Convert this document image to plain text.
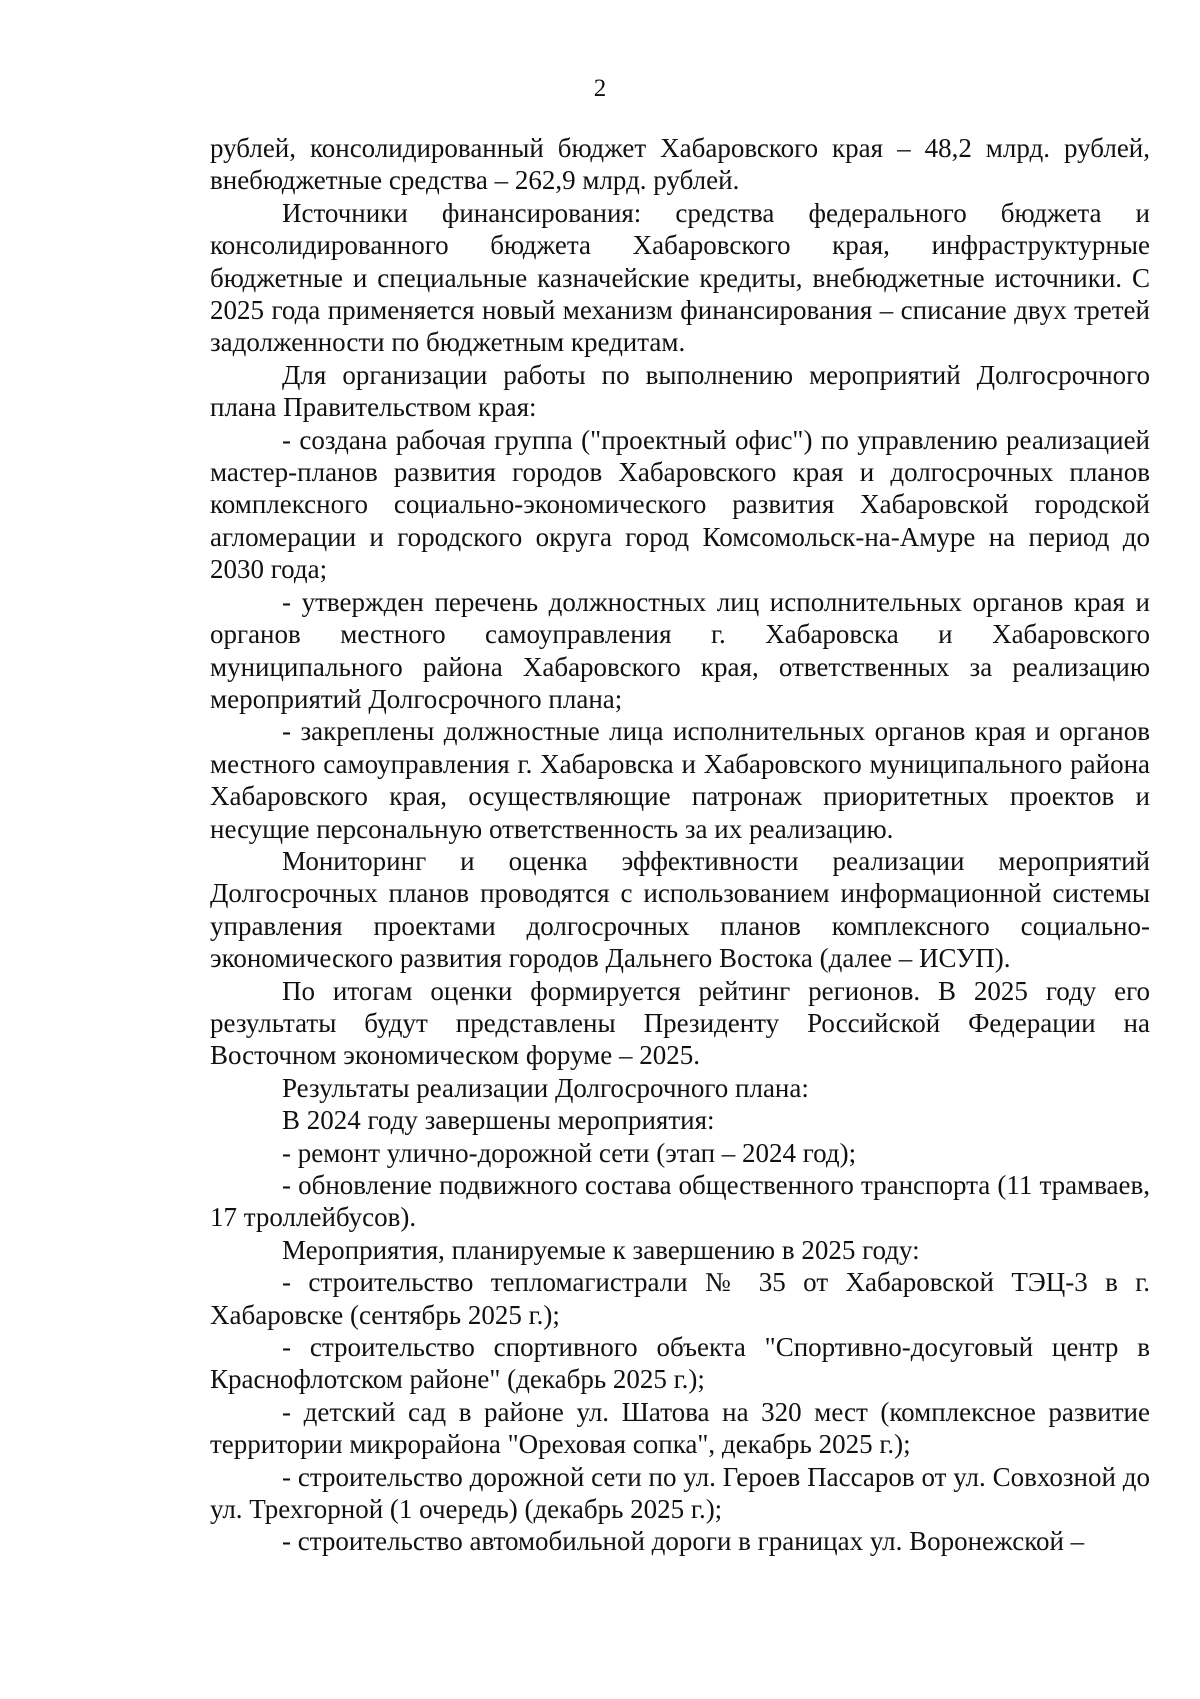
2

рублей, консолидированный бюджет Хабаровского края – 48,2 млрд. рублей, внебюджетные средства – 262,9 млрд. рублей.

Источники финансирования: средства федерального бюджета и консолидированного бюджета Хабаровского края, инфраструктурные бюджетные и специальные казначейские кредиты, внебюджетные источники. С 2025 года применяется новый механизм финансирования – списание двух третей задолженности по бюджетным кредитам.

Для организации работы по выполнению мероприятий Долгосрочного плана Правительством края:

- создана рабочая группа ("проектный офис") по управлению реализацией мастер-планов развития городов Хабаровского края и долгосрочных планов комплексного социально-экономического развития Хабаровской городской агломерации и городского округа город Комсомольск-на-Амуре на период до 2030 года;

- утвержден перечень должностных лиц исполнительных органов края и органов местного самоуправления г. Хабаровска и Хабаровского муниципального района Хабаровского края, ответственных за реализацию мероприятий Долгосрочного плана;

- закреплены должностные лица исполнительных органов края и органов местного самоуправления г. Хабаровска и Хабаровского муниципального района Хабаровского края, осуществляющие патронаж приоритетных проектов и несущие персональную ответственность за их реализацию.

Мониторинг и оценка эффективности реализации мероприятий Долгосрочных планов проводятся с использованием информационной системы управления проектами долгосрочных планов комплексного социально-экономического развития городов Дальнего Востока (далее – ИСУП).

По итогам оценки формируется рейтинг регионов. В 2025 году его результаты будут представлены Президенту Российской Федерации на Восточном экономическом форуме – 2025.

Результаты реализации Долгосрочного плана:

В 2024 году завершены мероприятия:

- ремонт улично-дорожной сети (этап – 2024 год);

- обновление подвижного состава общественного транспорта (11 трамваев, 17 троллейбусов).

Мероприятия, планируемые к завершению в 2025 году:

- строительство тепломагистрали № 35 от Хабаровской ТЭЦ-3 в г. Хабаровске (сентябрь 2025 г.);

- строительство спортивного объекта "Спортивно-досуговый центр в Краснофлотском районе" (декабрь 2025 г.);

- детский сад в районе ул. Шатова на 320 мест (комплексное развитие территории микрорайона "Ореховая сопка", декабрь 2025 г.);

- строительство дорожной сети по ул. Героев Пассаров от ул. Совхозной до ул. Трехгорной (1 очередь) (декабрь 2025 г.);

- строительство автомобильной дороги в границах ул. Воронежской –
